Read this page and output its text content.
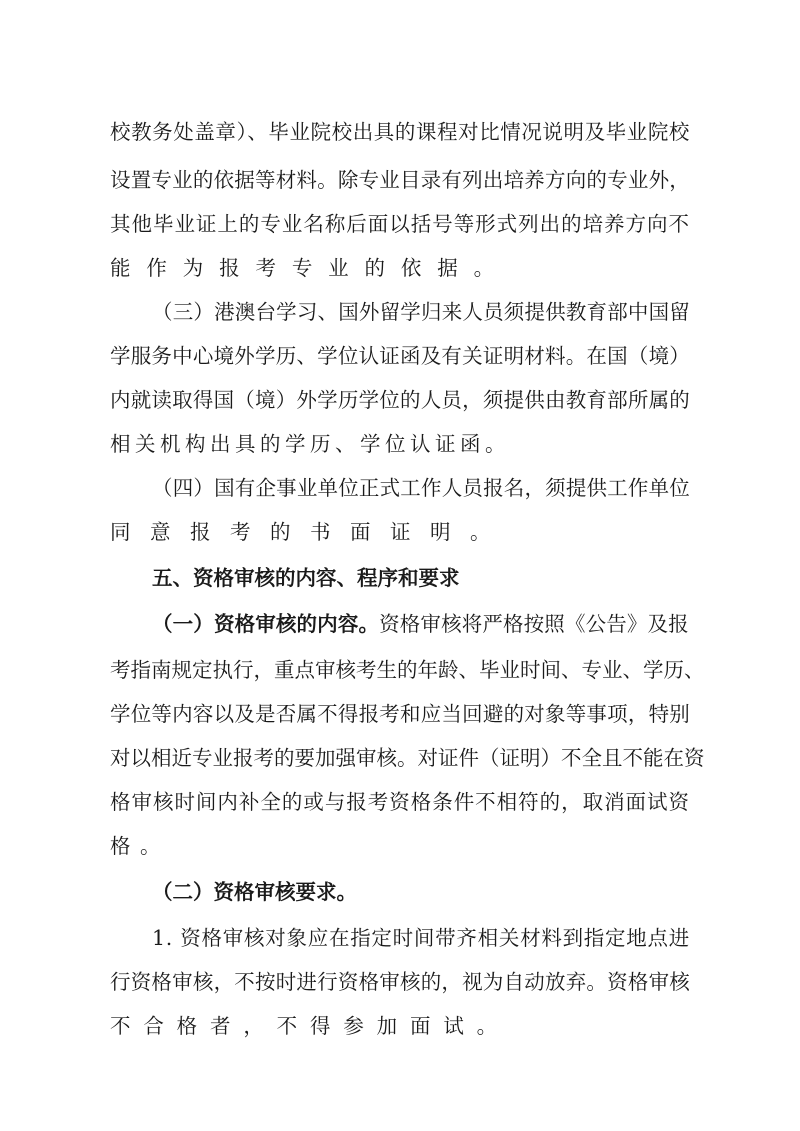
校教务处盖章）、毕业院校出具的课程对比情况说明及毕业院校
设置专业的依据等材料。除专业目录有列出培养方向的专业外，
其他毕业证上的专业名称后面以括号等形式列出的培养方向不
能作为报考专业的依据。
（三）港澳台学习、国外留学归来人员须提供教育部中国留
学服务中心境外学历、学位认证函及有关证明材料。在国（境）
内就读取得国（境）外学历学位的人员，须提供由教育部所属的
相关机构出具的学历、学位认证函。
（四）国有企事业单位正式工作人员报名，须提供工作单位
同意报考的书面证明。
五、资格审核的内容、程序和要求
（一）资格审核的内容。资格审核将严格按照《公告》及报
考指南规定执行，重点审核考生的年龄、毕业时间、专业、学历、
学位等内容以及是否属不得报考和应当回避的对象等事项，特别
对以相近专业报考的要加强审核。对证件（证明）不全且不能在资
格审核时间内补全的或与报考资格条件不相符的，取消面试资
格。
（二）资格审核要求。
1. 资格审核对象应在指定时间带齐相关材料到指定地点进
行资格审核，不按时进行资格审核的，视为自动放弃。资格审核
不合格者，不得参加面试。
